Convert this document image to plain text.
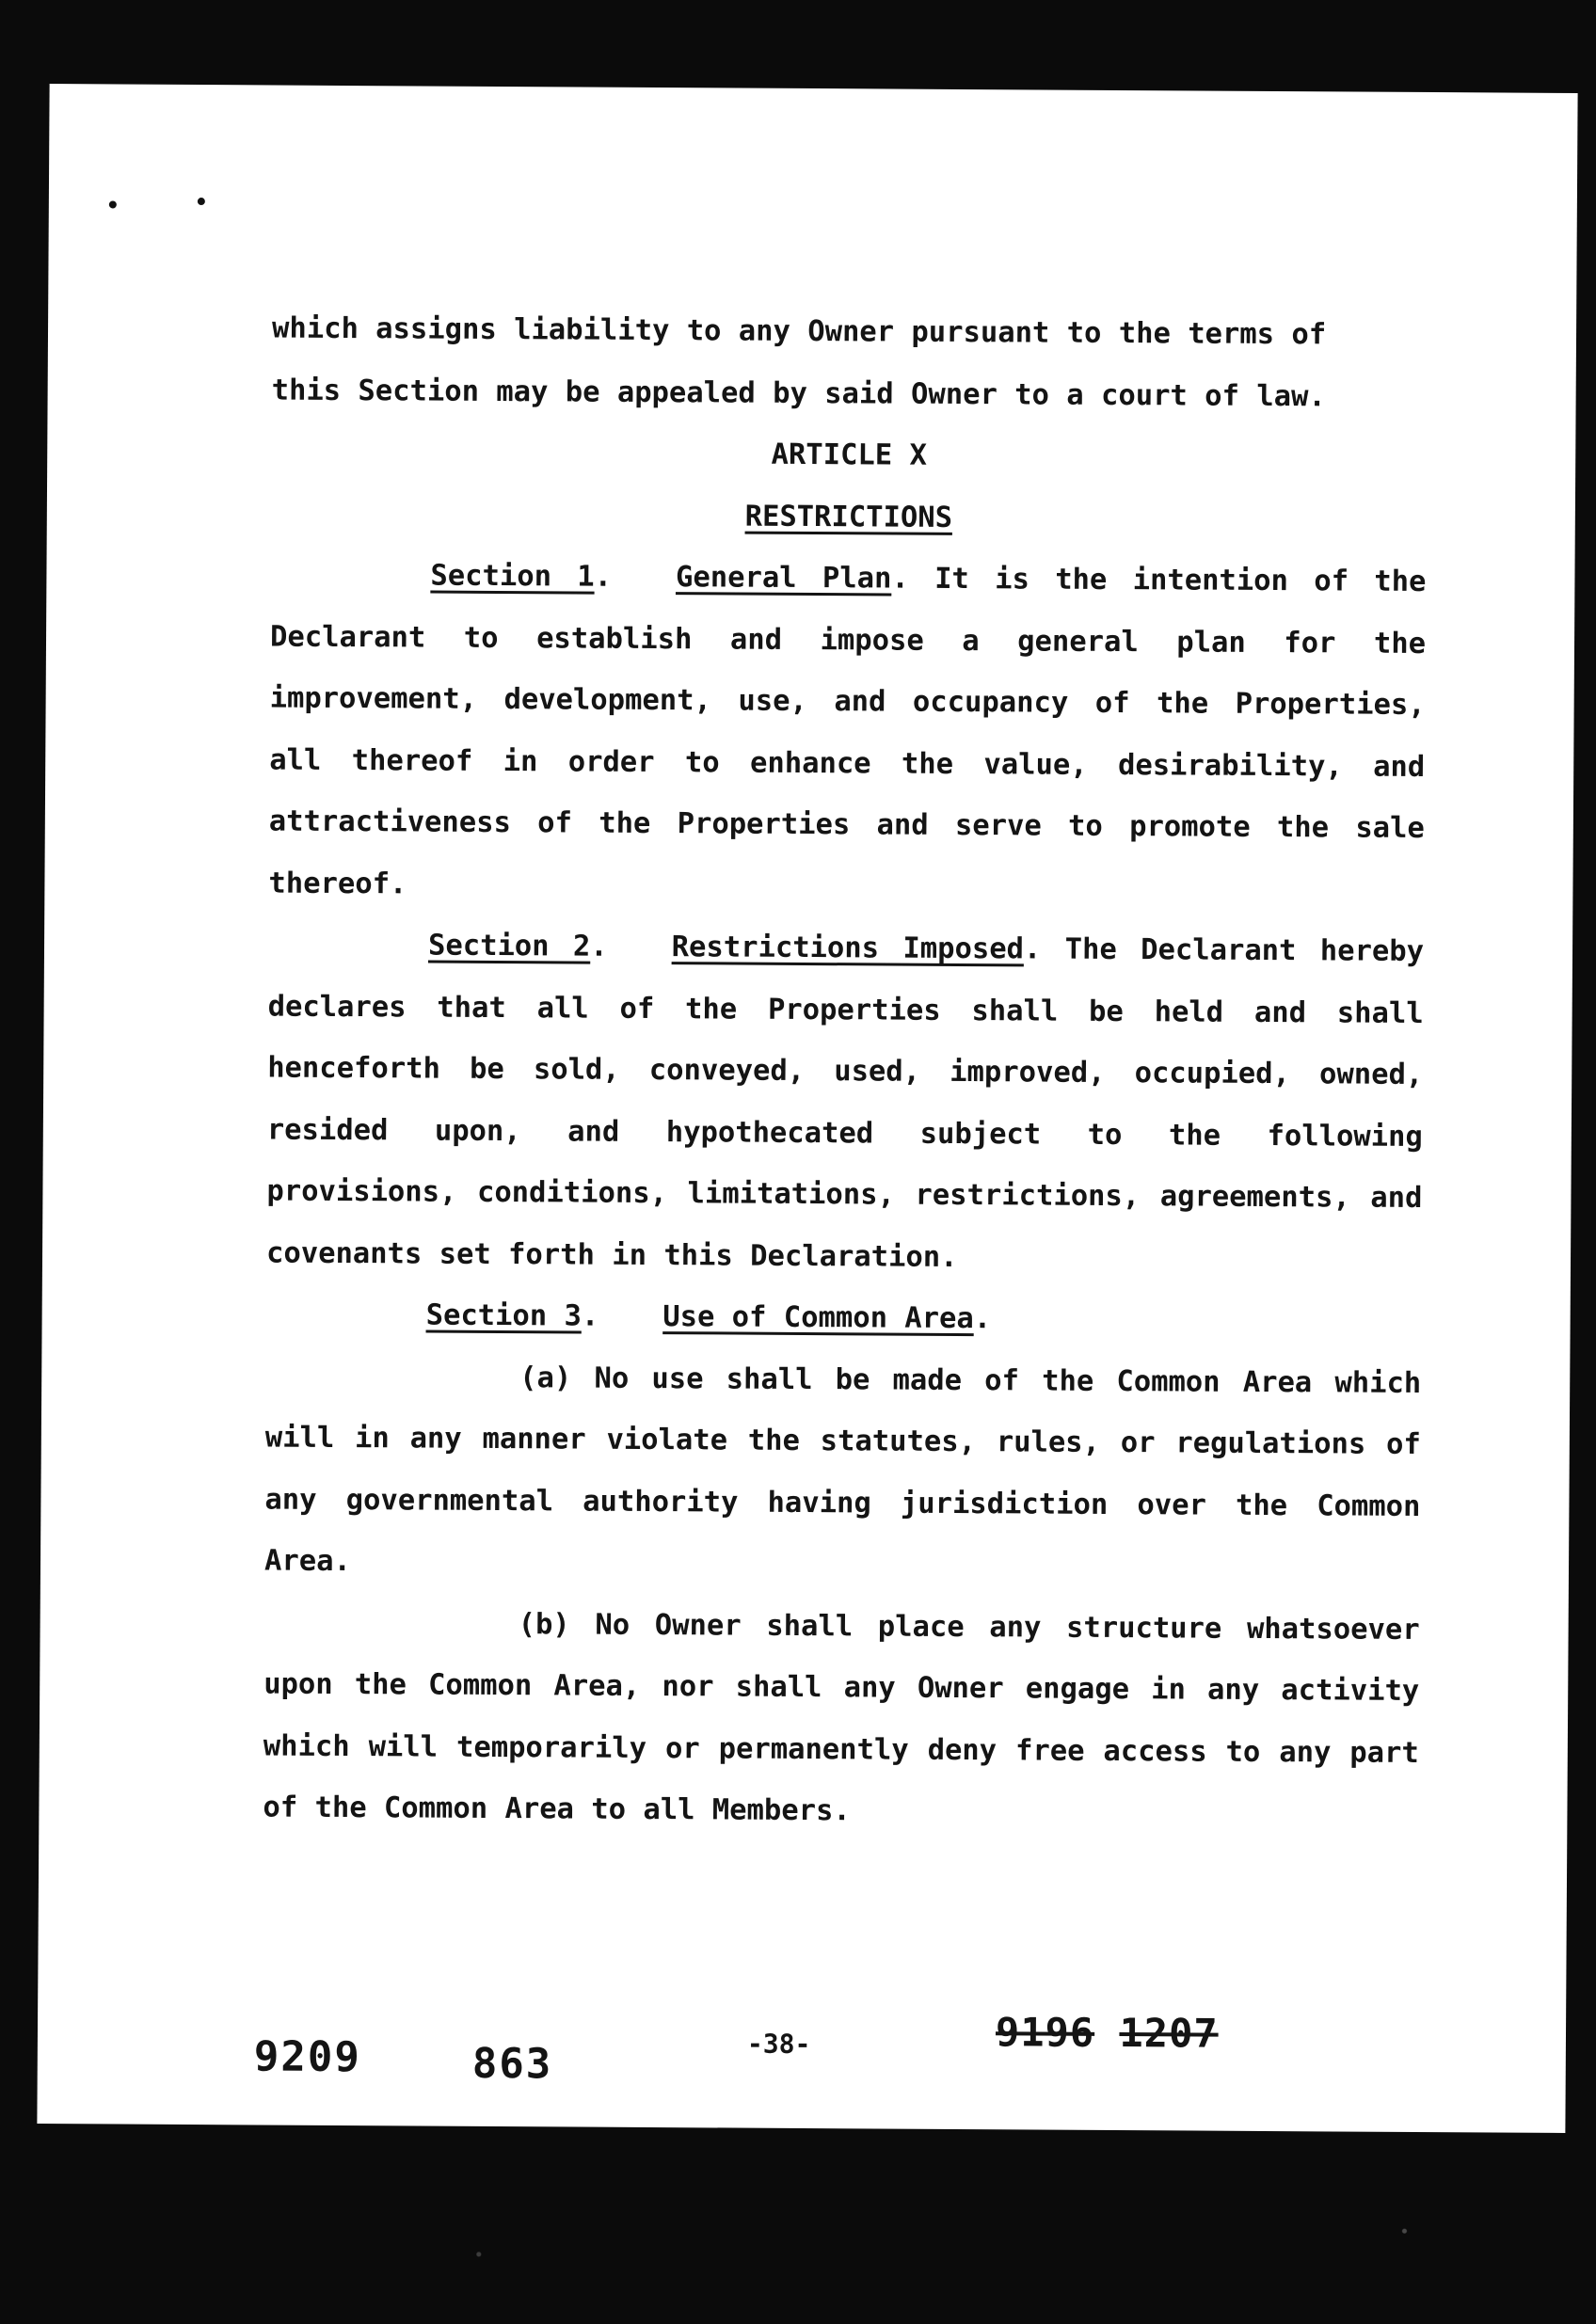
which assigns liability to any Owner pursuant to the terms of

this Section may be appealed by said Owner to a court of law.

ARTICLE X

RESTRICTIONS

Section 1. General Plan. It is the intention of the Declarant to establish and impose a general plan for the improvement, development, use, and occupancy of the Properties, all thereof in order to enhance the value, desirability, and attractiveness of the Properties and serve to promote the sale thereof.

Section 2. Restrictions Imposed. The Declarant hereby declares that all of the Properties shall be held and shall henceforth be sold, conveyed, used, improved, occupied, owned, resided upon, and hypothecated subject to the following provisions, conditions, limitations, restrictions, agreements, and covenants set forth in this Declaration.

Section 3. Use of Common Area.

(a) No use shall be made of the Common Area which will in any manner violate the statutes, rules, or regulations of any governmental authority having jurisdiction over the Common Area.

(b) No Owner shall place any structure whatsoever upon the Common Area, nor shall any Owner engage in any activity which will temporarily or permanently deny free access to any part of the Common Area to all Members.

9209	863	-38-	9196 1207
